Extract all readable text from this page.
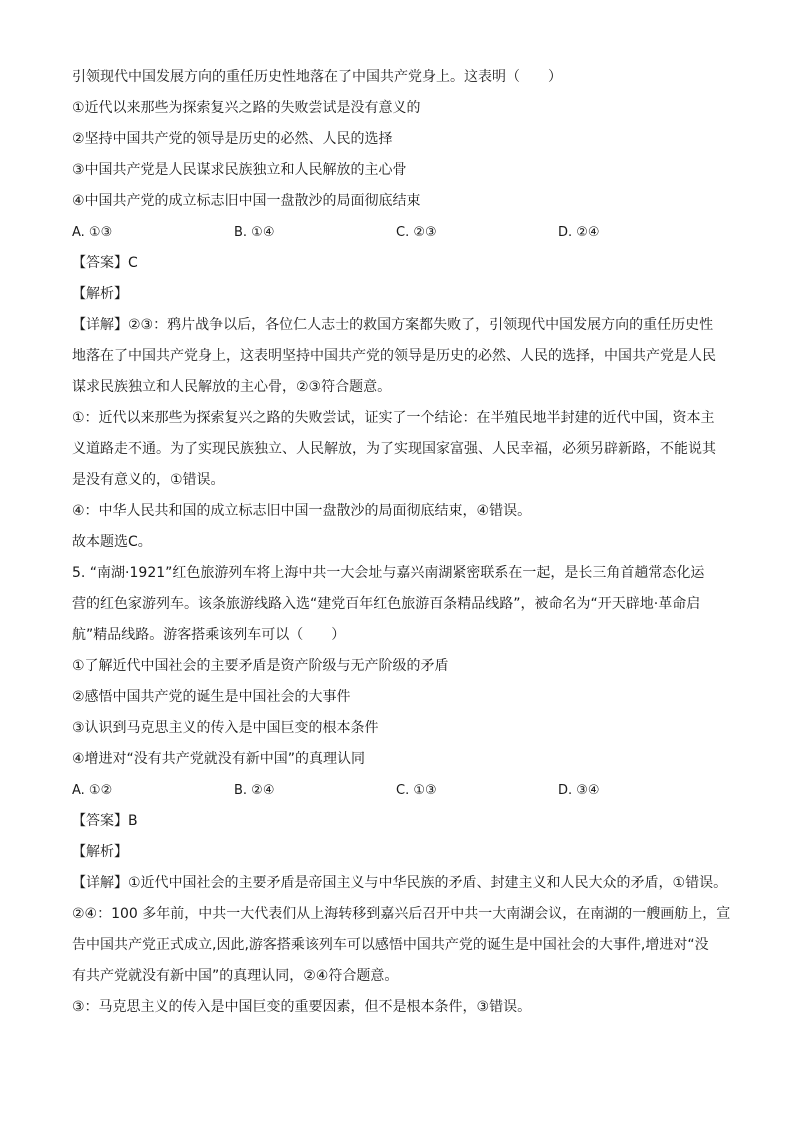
引领现代中国发展方向的重任历史性地落在了中国共产党身上。这表明（　　）
①近代以来那些为探索复兴之路的失败尝试是没有意义的
②坚持中国共产党的领导是历史的必然、人民的选择
③中国共产党是人民谋求民族独立和人民解放的主心骨
④中国共产党的成立标志旧中国一盘散沙的局面彻底结束
A. ①③	B. ①④	C. ②③	D. ②④
【答案】C
【解析】
【详解】②③：鸦片战争以后，各位仁人志士的救国方案都失败了，引领现代中国发展方向的重任历史性
地落在了中国共产党身上，这表明坚持中国共产党的领导是历史的必然、人民的选择，中国共产党是人民
谋求民族独立和人民解放的主心骨，②③符合题意。
①：近代以来那些为探索复兴之路的失败尝试，证实了一个结论：在半殖民地半封建的近代中国，资本主
义道路走不通。为了实现民族独立、人民解放，为了实现国家富强、人民幸福，必须另辟新路，不能说其
是没有意义的，①错误。
④：中华人民共和国的成立标志旧中国一盘散沙的局面彻底结束，④错误。
故本题选C。
5. “南湖·1921”红色旅游列车将上海中共一大会址与嘉兴南湖紧密联系在一起，是长三角首趟常态化运
营的红色家游列车。该条旅游线路入选“建党百年红色旅游百条精品线路”，被命名为“开天辟地·革命启
航”精品线路。游客搭乘该列车可以（　　）
①了解近代中国社会的主要矛盾是资产阶级与无产阶级的矛盾
②感悟中国共产党的诞生是中国社会的大事件
③认识到马克思主义的传入是中国巨变的根本条件
④增进对“没有共产党就没有新中国”的真理认同
A. ①②	B. ②④	C. ①③	D. ③④
【答案】B
【解析】
【详解】①近代中国社会的主要矛盾是帝国主义与中华民族的矛盾、封建主义和人民大众的矛盾，①错误。
②④：100 多年前，中共一大代表们从上海转移到嘉兴后召开中共一大南湖会议，在南湖的一艘画舫上，宣
告中国共产党正式成立,因此,游客搭乘该列车可以感悟中国共产党的诞生是中国社会的大事件,增进对“没
有共产党就没有新中国”的真理认同，②④符合题意。
③：马克思主义的传入是中国巨变的重要因素，但不是根本条件，③错误。
